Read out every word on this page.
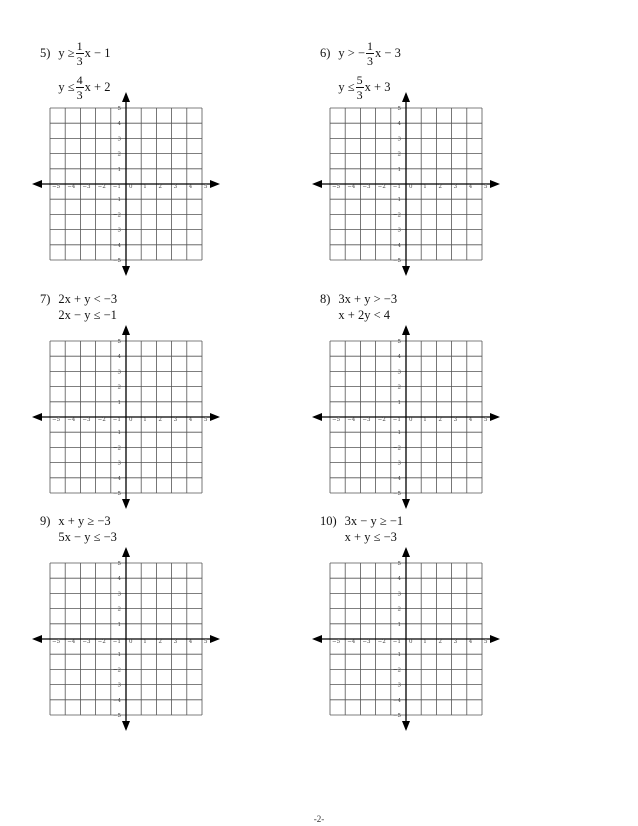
5) $y \ge \frac{1}{3}$ x − 1
$y \le \frac{4}{3}$ x + 2
−5 −4 −3 −2 −1 0 1 2 3 4 5
5
4
3
2
1
−1
−2
−3
−4
−5
6) y > − $\frac{1}{3}$ x − 3
$y \le \frac{5}{3}$ x + 3
−5 −4 −3 −2 −1 0 1 2 3 4 5
5
4
3
2
1
−1
−2
−3
−4
−5
7) 2x + y < −3
2x − y ≤ −1
−5 −4 −3 −2 −1 0 1 2 3 4 5
5
4
3
2
1
−1
−2
−3
−4
−5
8) 3x + y > −3
x + 2y < 4
−5 −4 −3 −2 −1 0 1 2 3 4 5
5
4
3
2
1
−1
−2
−3
−4
−5
9) x + y ≥ −3
5x − y ≤ −3
−5 −4 −3 −2 −1 0 1 2 3 4 5
5
4
3
2
1
−1
−2
−3
−4
−5
10) 3x − y ≥ −1
x + y ≤ −3
−5 −4 −3 −2 −1 0 1 2 3 4 5
5
4
3
2
1
−1
−2
−3
−4
−5
-2-
